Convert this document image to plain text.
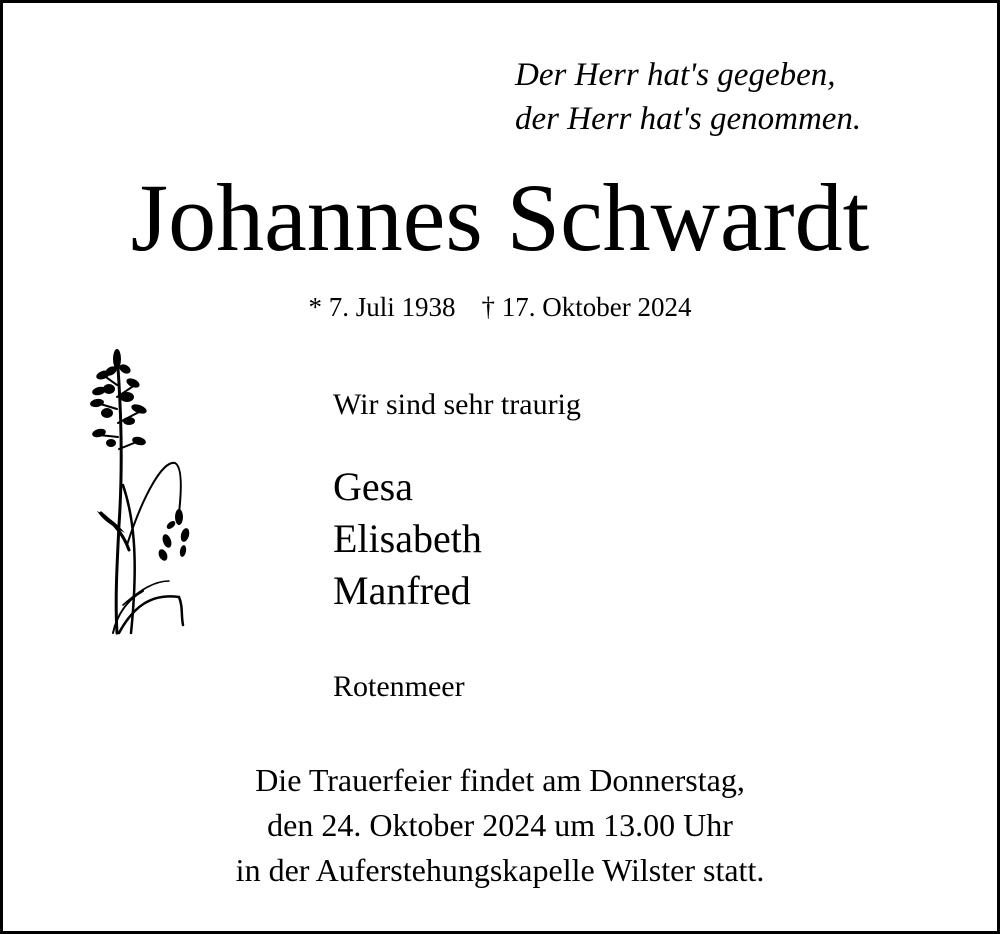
Der Herr hat's gegeben,
der Herr hat's genommen.
Johannes Schwardt
* 7. Juli 1938 † 17. Oktober 2024
Wir sind sehr traurig
Gesa
Elisabeth
Manfred
Rotenmeer
Die Trauerfeier findet am Donnerstag,
den 24. Oktober 2024 um 13.00 Uhr
in der Auferstehungskapelle Wilster statt.
